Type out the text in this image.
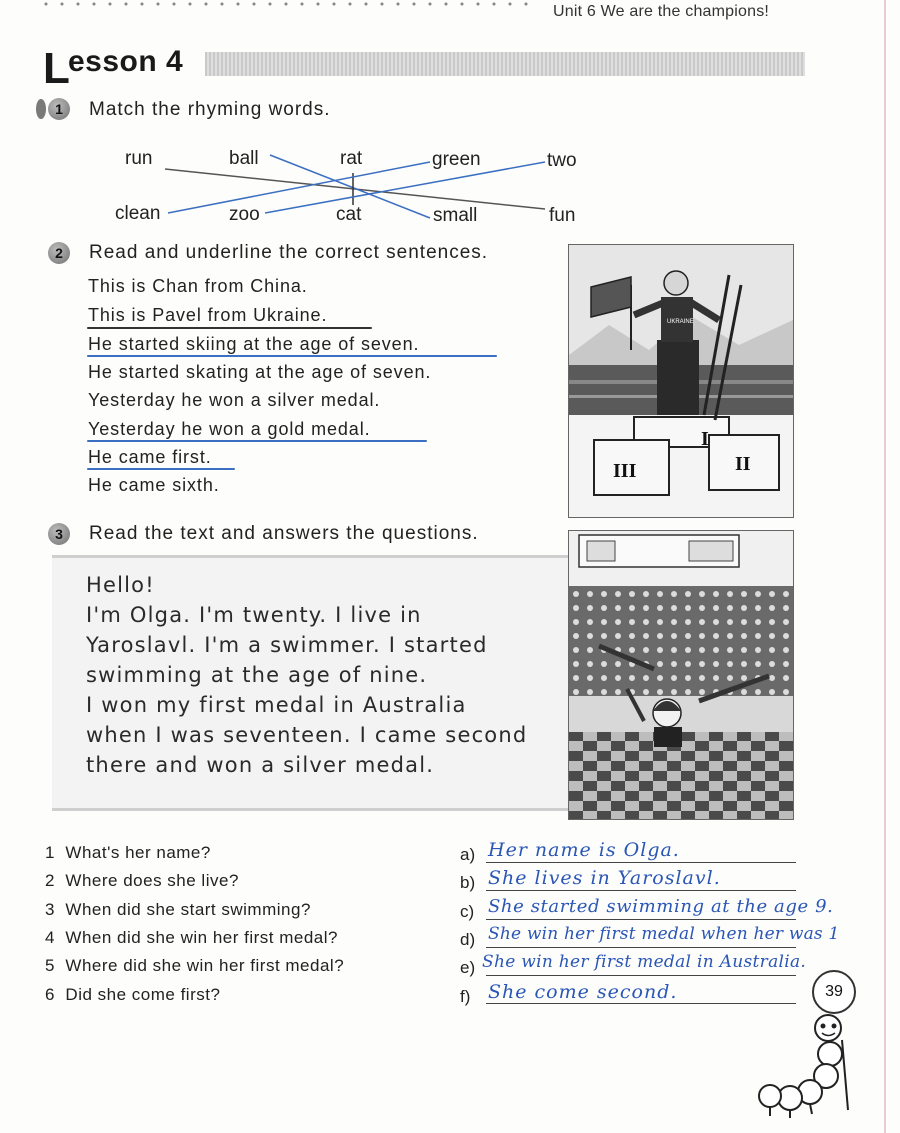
Unit 6 We are the champions!
L
esson 4
1	Match the rhyming words.
run	ball	rat	green	two
clean	zoo	cat	small	fun
2	Read and underline the correct sentences.
This is Chan from China.
This is Pavel from Ukraine.
He started skiing at the age of seven.
He started skating at the age of seven.
Yesterday he won a silver medal.
Yesterday he won a gold medal.
He came first.
He came sixth.
UKRAINE
I
III	II
3	Read the text and answers the questions.
Hello!
I'm Olga. I'm twenty. I live in
Yaroslavl. I'm a swimmer. I started
swimming at the age of nine.
I won my first medal in Australia
when I was seventeen. I came second
there and won a silver medal.
1 What's her name?
2 Where does she live?
3 When did she start swimming?
4 When did she win her first medal?
5 Where did she win her first medal?
6 Did she come first?
a)
b)
c)
d)
e)
f)
Her name is Olga.
She lives in Yaroslavl.
She started swimming at the age 9.
She win her first medal when her was 1
She win her first medal in Australia.
She come second.	39
